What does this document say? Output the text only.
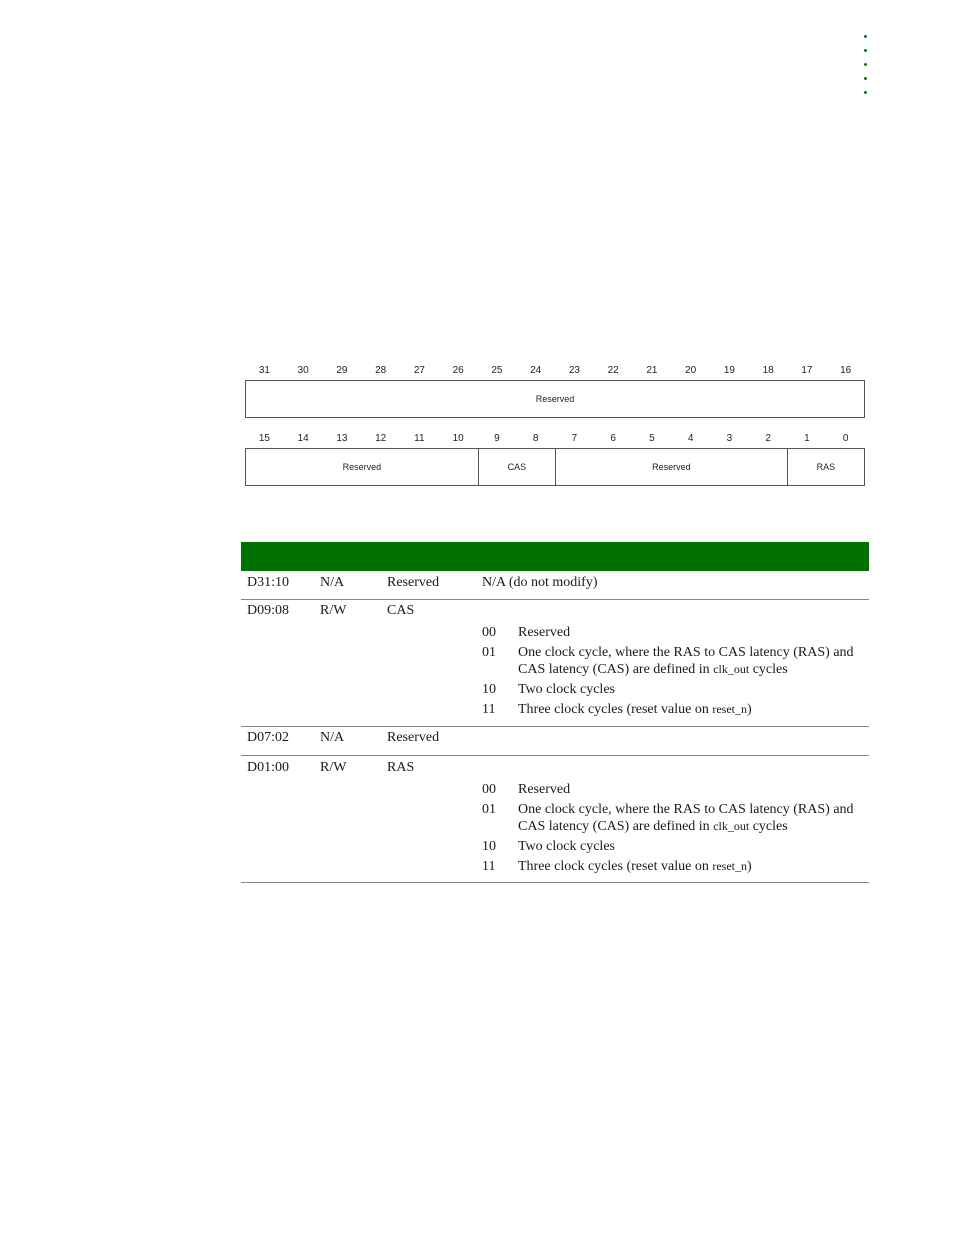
31	30	29	28	27	26	25	24	23	22	21	20	19	18	17	16
Reserved
15	14	13	12	11	10	9	8	7	6	5	4	3	2	1	0
Reserved	CAS	Reserved	RAS
D31:10 N/A	Reserved	N/A (do not modify)
D09:08 R/W	CAS
00	Reserved
01	One clock cycle, where the RAS to CAS latency (RAS) and CAS latency (CAS) are defined in clk_out cycles
10	Two clock cycles
11	Three clock cycles (reset value on reset_n)
D07:02 N/A	Reserved
D01:00 R/W	RAS
00	Reserved
01	One clock cycle, where the RAS to CAS latency (RAS) and CAS latency (CAS) are defined in clk_out cycles
10	Two clock cycles
11	Three clock cycles (reset value on reset_n)
